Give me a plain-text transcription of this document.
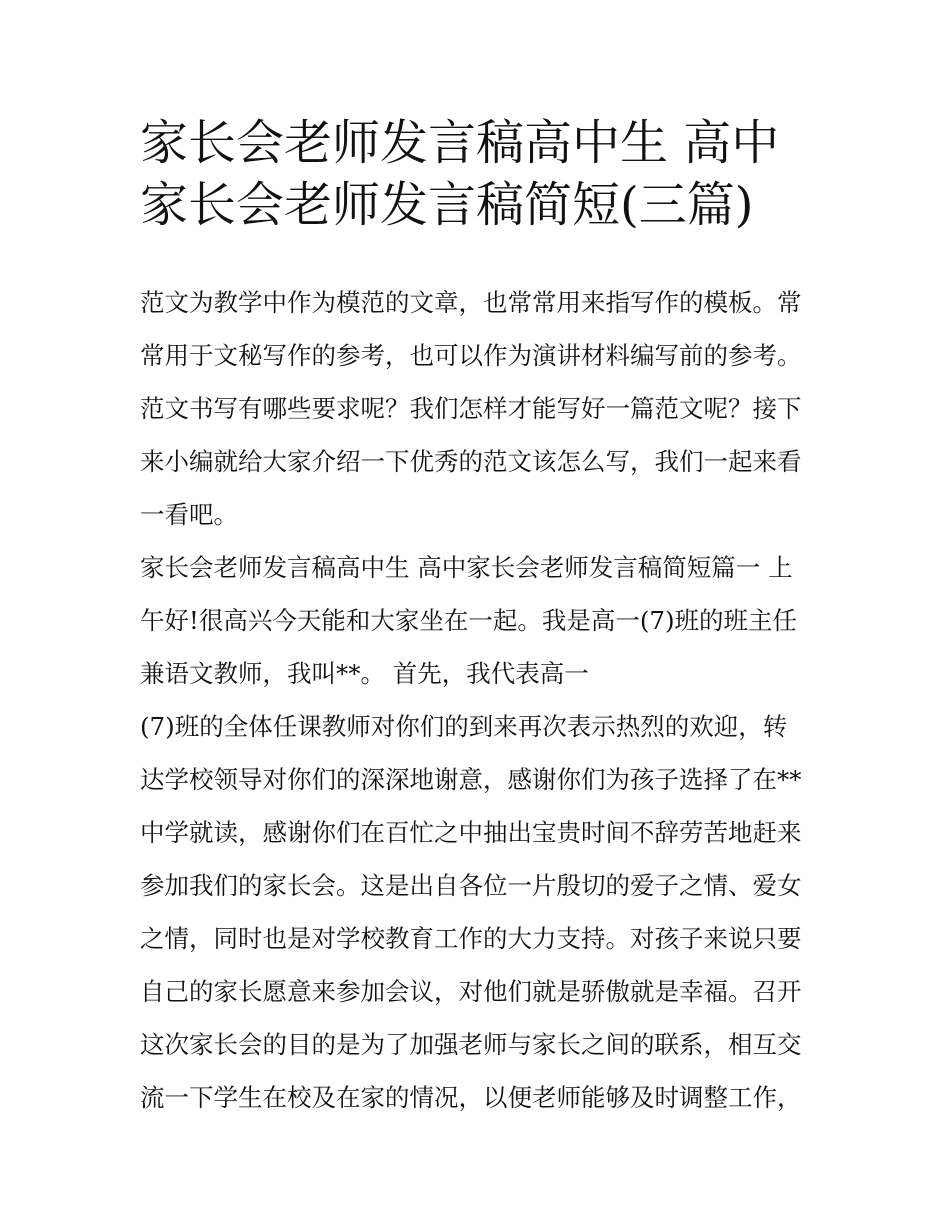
家长会老师发言稿高中生 高中
家长会老师发言稿简短(三篇)
范文为教学中作为模范的文章，也常常用来指写作的模板。常
常用于文秘写作的参考，也可以作为演讲材料编写前的参考。
范文书写有哪些要求呢？我们怎样才能写好一篇范文呢？接下
来小编就给大家介绍一下优秀的范文该怎么写，我们一起来看
一看吧。
家长会老师发言稿高中生 高中家长会老师发言稿简短篇一 上
午好!很高兴今天能和大家坐在一起。我是高一(7)班的班主任
兼语文教师，我叫**。 首先，我代表高一
(7)班的全体任课教师对你们的到来再次表示热烈的欢迎，转
达学校领导对你们的深深地谢意，感谢你们为孩子选择了在**
中学就读，感谢你们在百忙之中抽出宝贵时间不辞劳苦地赶来
参加我们的家长会。这是出自各位一片殷切的爱子之情、爱女
之情，同时也是对学校教育工作的大力支持。对孩子来说只要
自己的家长愿意来参加会议，对他们就是骄傲就是幸福。召开
这次家长会的目的是为了加强老师与家长之间的联系，相互交
流一下学生在校及在家的情况，以便老师能够及时调整工作，
